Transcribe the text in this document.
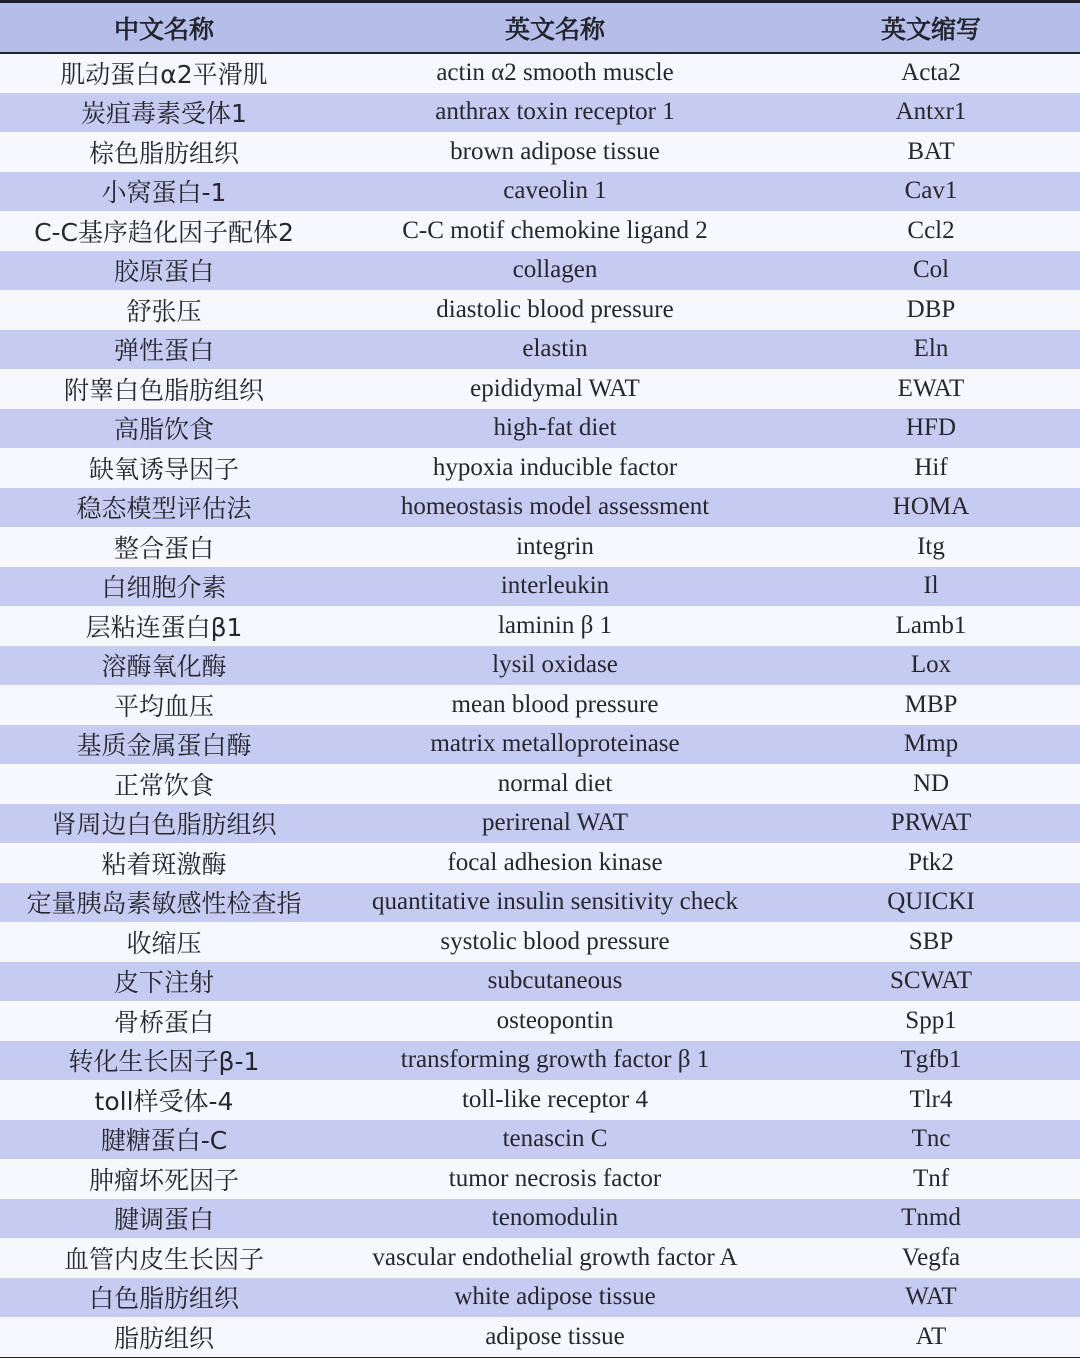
中文名称	英文名称	英文缩写
肌动蛋白α2平滑肌	actin α2 smooth muscle	Acta2
炭疽毒素受体1	anthrax toxin receptor 1	Antxr1
棕色脂肪组织	brown adipose tissue	BAT
小窝蛋白-1	caveolin 1	Cav1
C-C基序趋化因子配体2	C-C motif chemokine ligand 2	Ccl2
胶原蛋白	collagen	Col
舒张压	diastolic blood pressure	DBP
弹性蛋白	elastin	Eln
附睾白色脂肪组织	epididymal WAT	EWAT
高脂饮食	high-fat diet	HFD
缺氧诱导因子	hypoxia inducible factor	Hif
稳态模型评估法	homeostasis model assessment	HOMA
整合蛋白	integrin	Itg
白细胞介素	interleukin	Il
层粘连蛋白β1	laminin β 1	Lamb1
溶酶氧化酶	lysil oxidase	Lox
平均血压	mean blood pressure	MBP
基质金属蛋白酶	matrix metalloproteinase	Mmp
正常饮食	normal diet	ND
肾周边白色脂肪组织	perirenal WAT	PRWAT
粘着斑激酶	focal adhesion kinase	Ptk2
定量胰岛素敏感性检查指	quantitative insulin sensitivity check	QUICKI
收缩压	systolic blood pressure	SBP
皮下注射	subcutaneous	SCWAT
骨桥蛋白	osteopontin	Spp1
转化生长因子β-1	transforming growth factor β 1	Tgfb1
toll样受体-4	toll-like receptor 4	Tlr4
腱糖蛋白-C	tenascin C	Tnc
肿瘤坏死因子	tumor necrosis factor	Tnf
腱调蛋白	tenomodulin	Tnmd
血管内皮生长因子	vascular endothelial growth factor A	Vegfa
白色脂肪组织	white adipose tissue	WAT
脂肪组织	adipose tissue	AT
